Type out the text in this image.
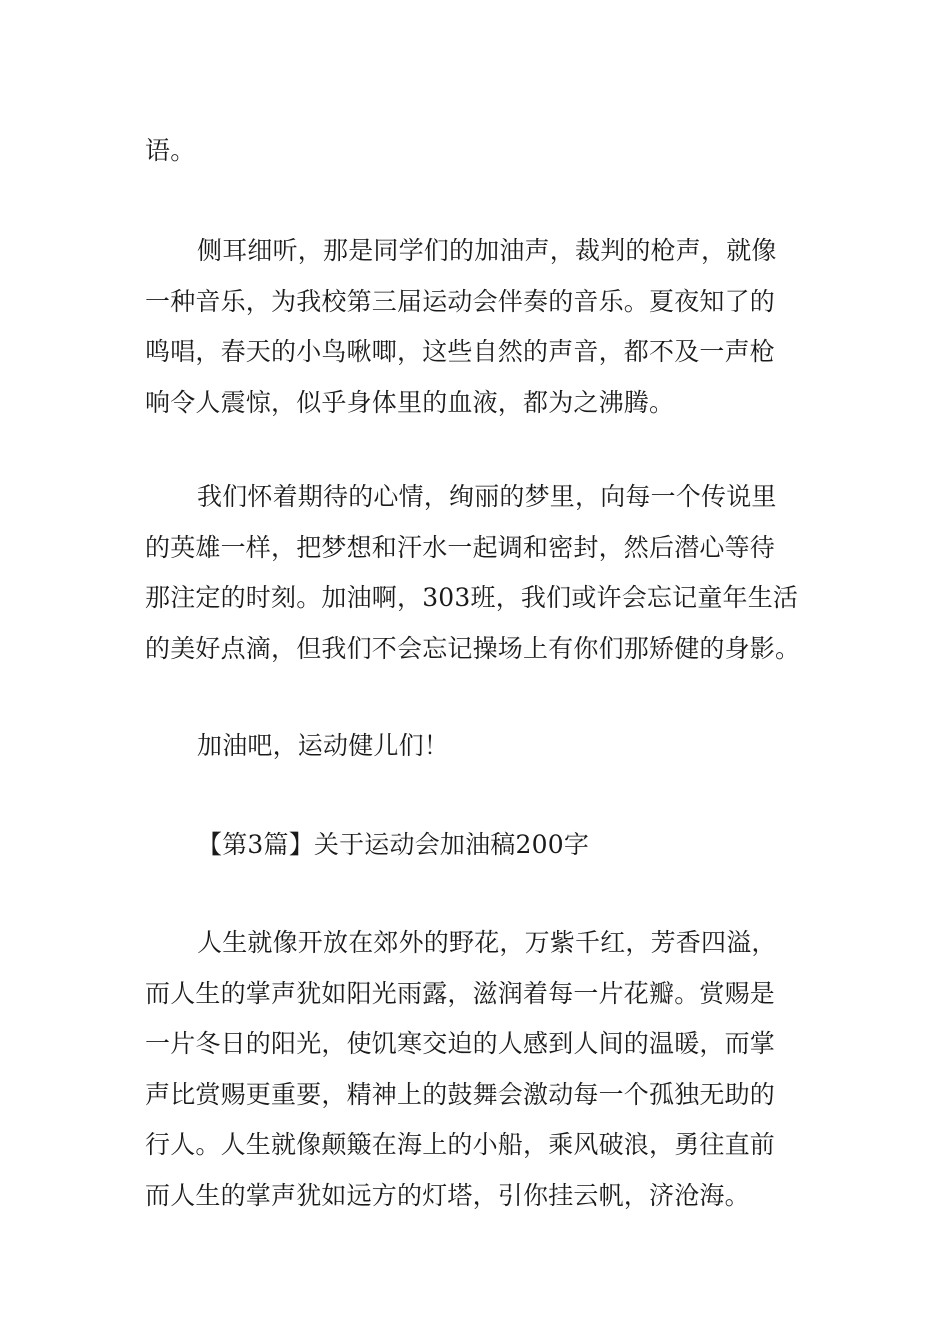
语。

侧耳细听，那是同学们的加油声，裁判的枪声，就像
一种音乐，为我校第三届运动会伴奏的音乐。夏夜知了的
鸣唱，春天的小鸟啾唧，这些自然的声音，都不及一声枪
响令人震惊，似乎身体里的血液，都为之沸腾。

我们怀着期待的心情，绚丽的梦里，向每一个传说里
的英雄一样，把梦想和汗水一起调和密封，然后潜心等待
那注定的时刻。加油啊，303班，我们或许会忘记童年生活
的美好点滴，但我们不会忘记操场上有你们那矫健的身影。

加油吧，运动健儿们！

【第3篇】关于运动会加油稿200字

人生就像开放在郊外的野花，万紫千红，芳香四溢，
而人生的掌声犹如阳光雨露，滋润着每一片花瓣。赏赐是
一片冬日的阳光，使饥寒交迫的人感到人间的温暖，而掌
声比赏赐更重要，精神上的鼓舞会激动每一个孤独无助的
行人。人生就像颠簸在海上的小船，乘风破浪，勇往直前
而人生的掌声犹如远方的灯塔，引你挂云帆，济沧海。
